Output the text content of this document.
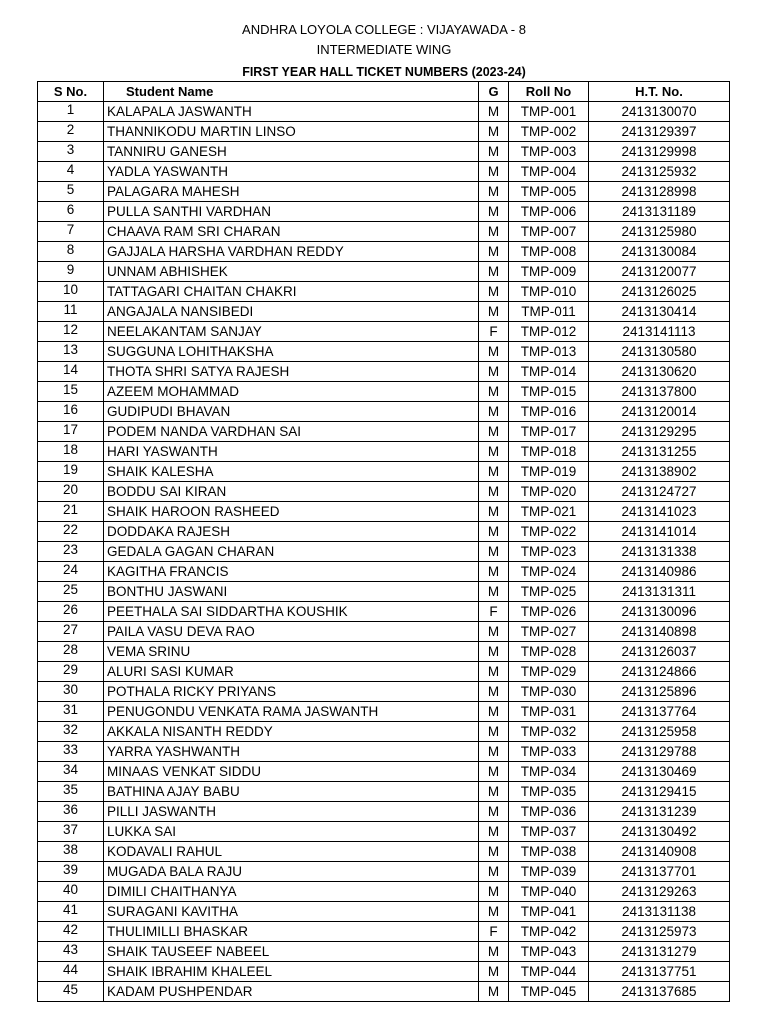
ANDHRA LOYOLA COLLEGE : VIJAYAWADA - 8
INTERMEDIATE WING
FIRST YEAR HALL TICKET NUMBERS (2023-24)
S No.	Student Name	G	Roll No	H.T. No.
1	KALAPALA JASWANTH	M	TMP-001	2413130070
2	THANNIKODU MARTIN LINSO	M	TMP-002	2413129397
3	TANNIRU GANESH	M	TMP-003	2413129998
4	YADLA YASWANTH	M	TMP-004	2413125932
5	PALAGARA MAHESH	M	TMP-005	2413128998
6	PULLA SANTHI VARDHAN	M	TMP-006	2413131189
7	CHAAVA RAM SRI CHARAN	M	TMP-007	2413125980
8	GAJJALA HARSHA VARDHAN REDDY	M	TMP-008	2413130084
9	UNNAM ABHISHEK	M	TMP-009	2413120077
10	TATTAGARI CHAITAN CHAKRI	M	TMP-010	2413126025
11	ANGAJALA NANSIBEDI	M	TMP-011	2413130414
12	NEELAKANTAM SANJAY	F	TMP-012	2413141113
13	SUGGUNA LOHITHAKSHA	M	TMP-013	2413130580
14	THOTA SHRI SATYA RAJESH	M	TMP-014	2413130620
15	AZEEM MOHAMMAD	M	TMP-015	2413137800
16	GUDIPUDI BHAVAN	M	TMP-016	2413120014
17	PODEM NANDA VARDHAN SAI	M	TMP-017	2413129295
18	HARI YASWANTH	M	TMP-018	2413131255
19	SHAIK KALESHA	M	TMP-019	2413138902
20	BODDU SAI KIRAN	M	TMP-020	2413124727
21	SHAIK HAROON RASHEED	M	TMP-021	2413141023
22	DODDAKA RAJESH	M	TMP-022	2413141014
23	GEDALA GAGAN CHARAN	M	TMP-023	2413131338
24	KAGITHA FRANCIS	M	TMP-024	2413140986
25	BONTHU JASWANI	M	TMP-025	2413131311
26	PEETHALA SAI SIDDARTHA KOUSHIK	F	TMP-026	2413130096
27	PAILA VASU DEVA RAO	M	TMP-027	2413140898
28	VEMA SRINU	M	TMP-028	2413126037
29	ALURI SASI KUMAR	M	TMP-029	2413124866
30	POTHALA RICKY PRIYANS	M	TMP-030	2413125896
31	PENUGONDU VENKATA RAMA JASWANTH	M	TMP-031	2413137764
32	AKKALA NISANTH REDDY	M	TMP-032	2413125958
33	YARRA YASHWANTH	M	TMP-033	2413129788
34	MINAAS VENKAT SIDDU	M	TMP-034	2413130469
35	BATHINA AJAY BABU	M	TMP-035	2413129415
36	PILLI JASWANTH	M	TMP-036	2413131239
37	LUKKA SAI	M	TMP-037	2413130492
38	KODAVALI RAHUL	M	TMP-038	2413140908
39	MUGADA BALA RAJU	M	TMP-039	2413137701
40	DIMILI CHAITHANYA	M	TMP-040	2413129263
41	SURAGANI KAVITHA	M	TMP-041	2413131138
42	THULIMILLI BHASKAR	F	TMP-042	2413125973
43	SHAIK TAUSEEF NABEEL	M	TMP-043	2413131279
44	SHAIK IBRAHIM KHALEEL	M	TMP-044	2413137751
45	KADAM PUSHPENDAR	M	TMP-045	2413137685
